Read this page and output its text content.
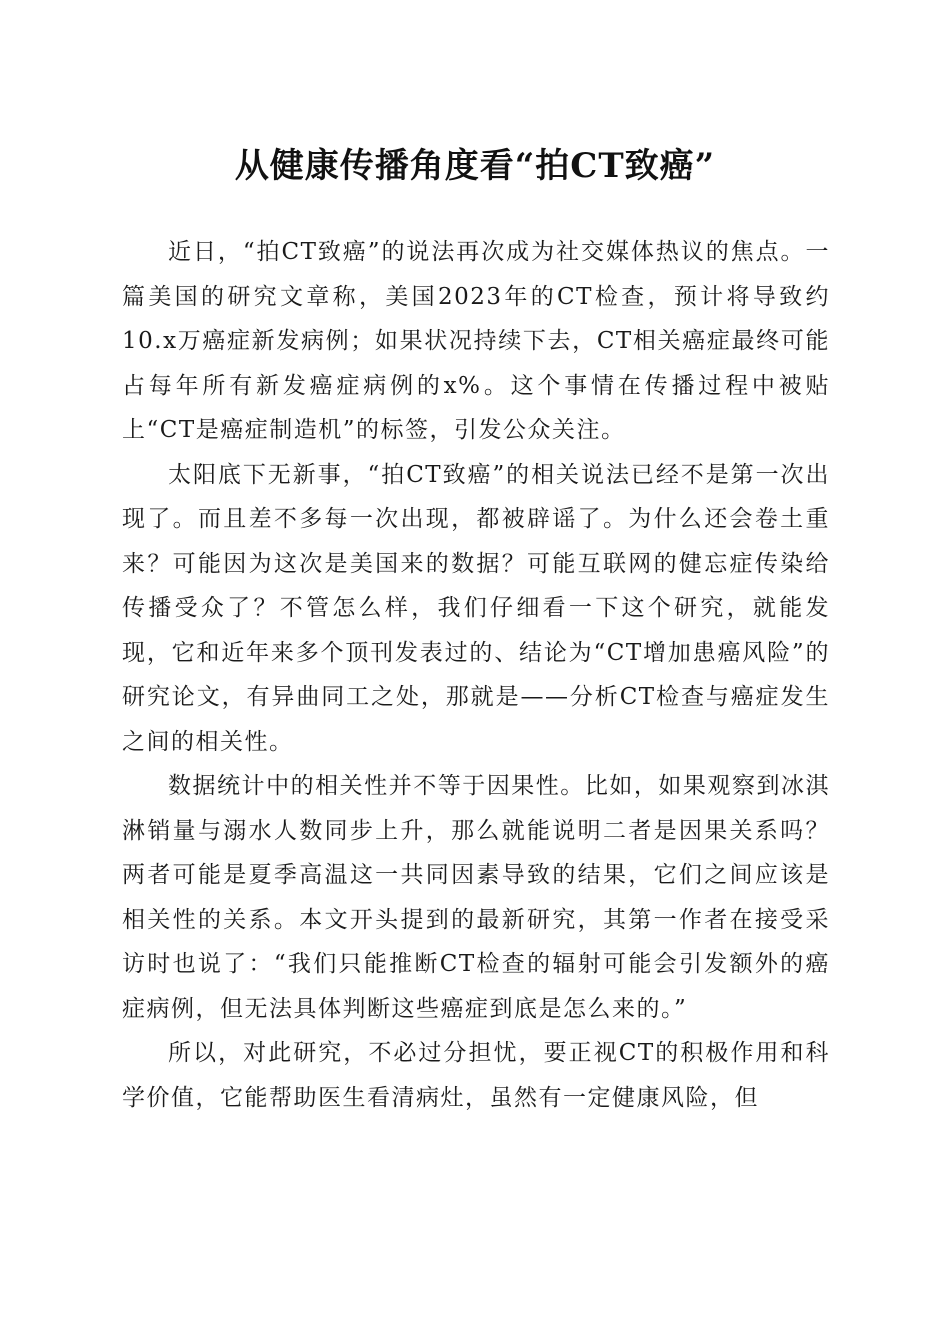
从健康传播角度看“拍CT致癌”

近日，“拍CT致癌”的说法再次成为社交媒体热议的焦点。一篇美国的研究文章称，美国2023年的CT检查，预计将导致约10.x万癌症新发病例；如果状况持续下去，CT相关癌症最终可能占每年所有新发癌症病例的x%。这个事情在传播过程中被贴上“CT是癌症制造机”的标签，引发公众关注。

太阳底下无新事，“拍CT致癌”的相关说法已经不是第一次出现了。而且差不多每一次出现，都被辟谣了。为什么还会卷土重来？可能因为这次是美国来的数据？可能互联网的健忘症传染给传播受众了？不管怎么样，我们仔细看一下这个研究，就能发现，它和近年来多个顶刊发表过的、结论为“CT增加患癌风险”的研究论文，有异曲同工之处，那就是——分析CT检查与癌症发生之间的相关性。

数据统计中的相关性并不等于因果性。比如，如果观察到冰淇淋销量与溺水人数同步上升，那么就能说明二者是因果关系吗？两者可能是夏季高温这一共同因素导致的结果，它们之间应该是相关性的关系。本文开头提到的最新研究，其第一作者在接受采访时也说了：“我们只能推断CT检查的辐射可能会引发额外的癌症病例，但无法具体判断这些癌症到底是怎么来的。”

所以，对此研究，不必过分担忧，要正视CT的积极作用和科学价值，它能帮助医生看清病灶，虽然有一定健康风险，但
